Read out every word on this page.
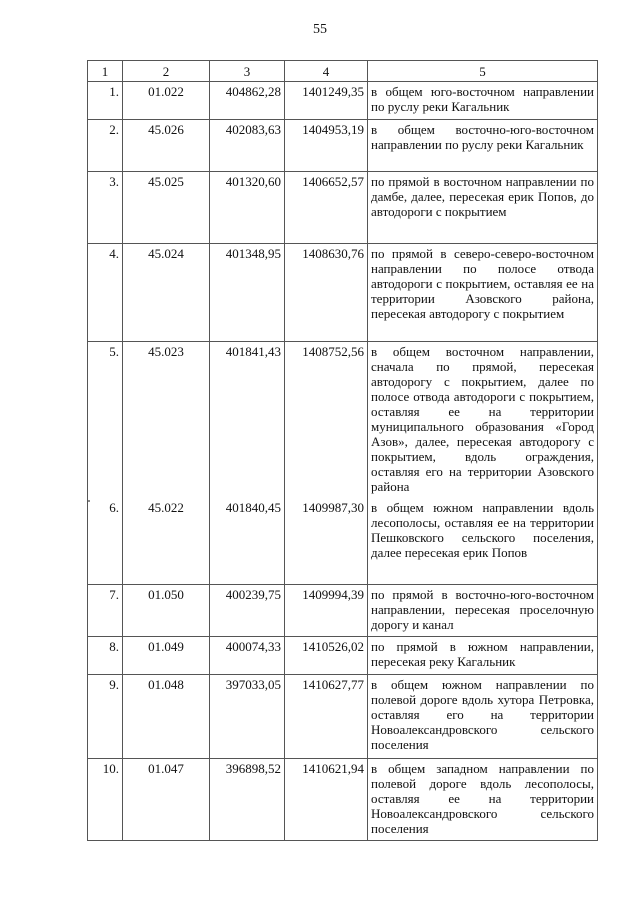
55
1	2	3	4	5
1.	01.022	404862,28	1401249,35	в общем юго-восточном направлении по руслу реки Кагальник
2.	45.026	402083,63	1404953,19	в общем восточно-юго-восточном направлении по руслу реки Кагальник
3.	45.025	401320,60	1406652,57	по прямой в восточном направлении по дамбе, далее, пересекая ерик Попов, до автодороги с покрытием
4.	45.024	401348,95	1408630,76	по прямой в северо-северо-восточном направлении по полосе отвода автодороги с покрытием, оставляя ее на территории Азовского района, пересекая автодорогу с покрытием
5.	45.023	401841,43	1408752,56	в общем восточном направлении, сначала по прямой, пересекая автодорогу с покрытием, далее по полосе отвода автодороги с покрытием, оставляя ее на территории муниципального образования «Город Азов», далее, пересекая автодорогу с покрытием, вдоль ограждения, оставляя его на территории Азовского района
6.	45.022	401840,45	1409987,30	в общем южном направлении вдоль лесополосы, оставляя ее на территории Пешковского сельского поселения, далее пересекая ерик Попов
7.	01.050	400239,75	1409994,39	по прямой в восточно-юго-восточном направлении, пересекая проселочную дорогу и канал
8.	01.049	400074,33	1410526,02	по прямой в южном направлении, пересекая реку Кагальник
9.	01.048	397033,05	1410627,77	в общем южном направлении по полевой дороге вдоль хутора Петровка, оставляя его на территории Новоалександровского сельского поселения
10.	01.047	396898,52	1410621,94	в общем западном направлении по полевой дороге вдоль лесополосы, оставляя ее на территории Новоалександровского сельского поселения
